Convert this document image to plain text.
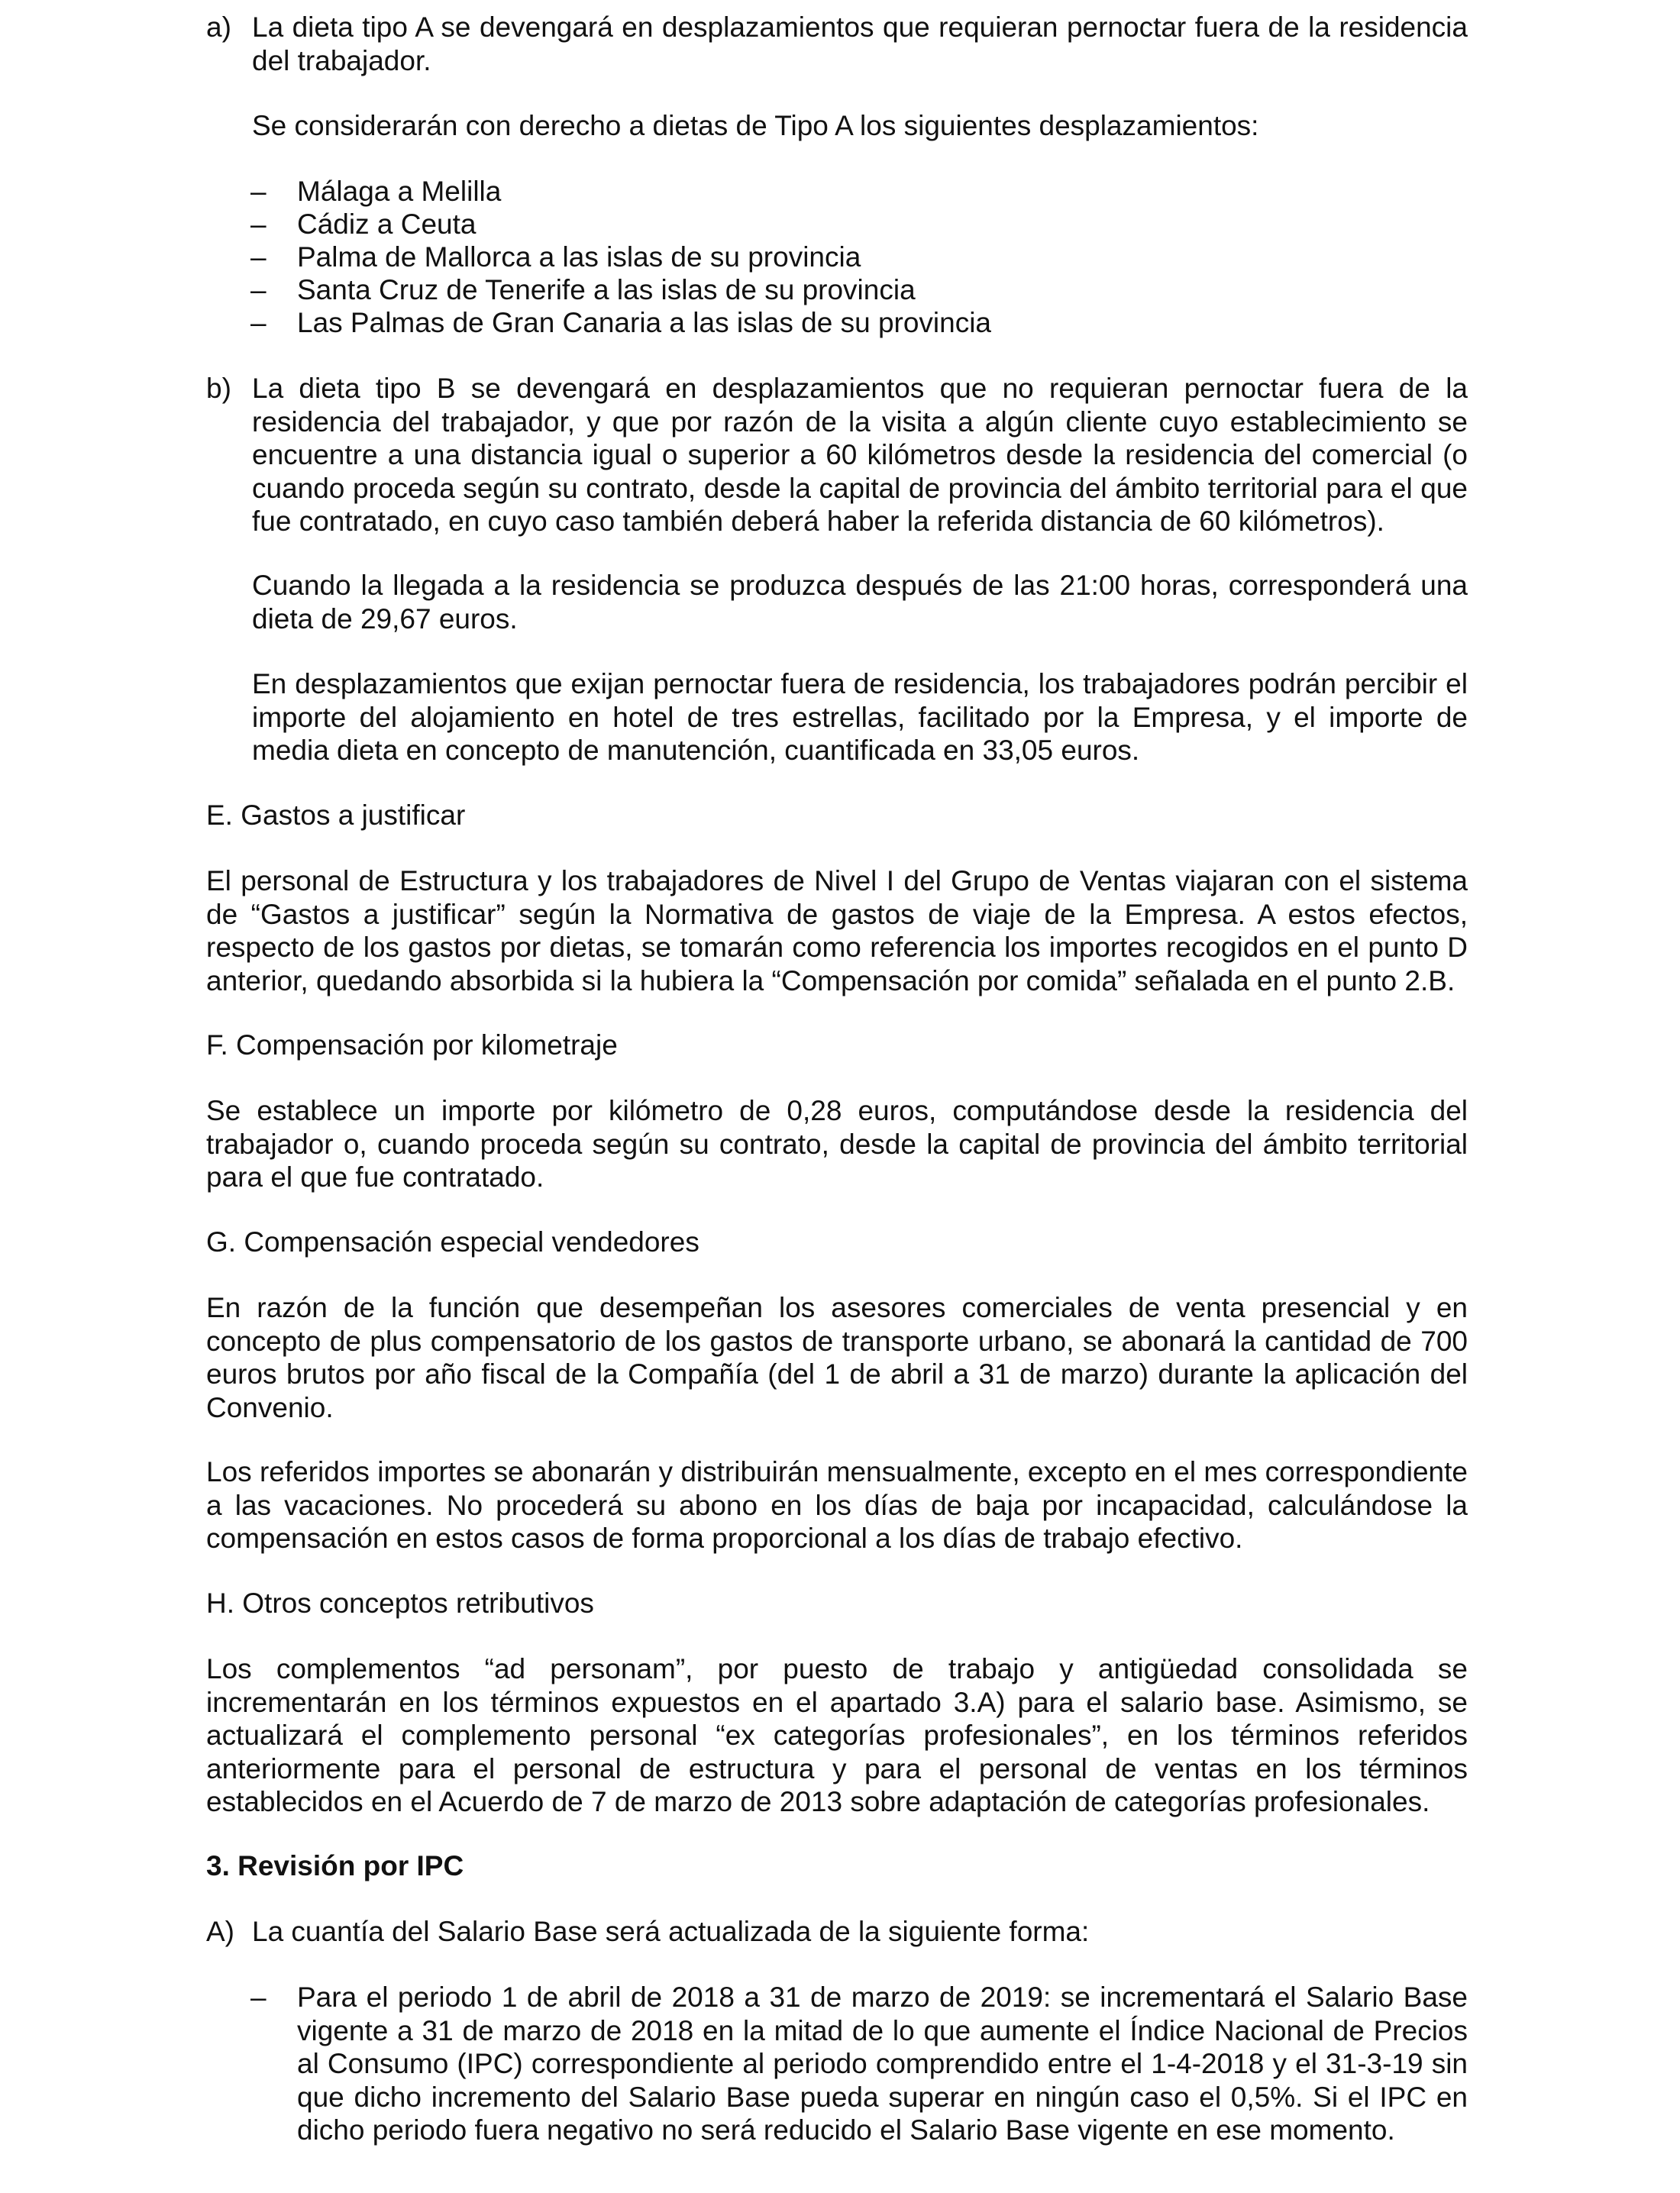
a) La dieta tipo A se devengará en desplazamientos que requieran pernoctar fuera de la residencia del trabajador.

Se considerarán con derecho a dietas de Tipo A los siguientes desplazamientos:

– Málaga a Melilla
– Cádiz a Ceuta
– Palma de Mallorca a las islas de su provincia
– Santa Cruz de Tenerife a las islas de su provincia
– Las Palmas de Gran Canaria a las islas de su provincia
b) La dieta tipo B se devengará en desplazamientos que no requieran pernoctar fuera de la residencia del trabajador, y que por razón de la visita a algún cliente cuyo establecimiento se encuentre a una distancia igual o superior a 60 kilómetros desde la residencia del comercial (o cuando proceda según su contrato, desde la capital de provincia del ámbito territorial para el que fue contratado, en cuyo caso también deberá haber la referida distancia de 60 kilómetros).

Cuando la llegada a la residencia se produzca después de las 21:00 horas, corresponderá una dieta de 29,67 euros.

En desplazamientos que exijan pernoctar fuera de residencia, los trabajadores podrán percibir el importe del alojamiento en hotel de tres estrellas, facilitado por la Empresa, y el importe de media dieta en concepto de manutención, cuantificada en 33,05 euros.

E. Gastos a justificar

El personal de Estructura y los trabajadores de Nivel I del Grupo de Ventas viajaran con el sistema de “Gastos a justificar” según la Normativa de gastos de viaje de la Empresa. A estos efectos, respecto de los gastos por dietas, se tomarán como referencia los importes recogidos en el punto D anterior, quedando absorbida si la hubiera la “Compensación por comida” señalada en el punto 2.B.

F. Compensación por kilometraje

Se establece un importe por kilómetro de 0,28 euros, computándose desde la residencia del trabajador o, cuando proceda según su contrato, desde la capital de provincia del ámbito territorial para el que fue contratado.

G. Compensación especial vendedores

En razón de la función que desempeñan los asesores comerciales de venta presencial y en concepto de plus compensatorio de los gastos de transporte urbano, se abonará la cantidad de 700 euros brutos por año fiscal de la Compañía (del 1 de abril a 31 de marzo) durante la aplicación del Convenio.

Los referidos importes se abonarán y distribuirán mensualmente, excepto en el mes correspondiente a las vacaciones. No procederá su abono en los días de baja por incapacidad, calculándose la compensación en estos casos de forma proporcional a los días de trabajo efectivo.

H. Otros conceptos retributivos

Los complementos “ad personam”, por puesto de trabajo y antigüedad consolidada se incrementarán en los términos expuestos en el apartado 3.A) para el salario base. Asimismo, se actualizará el complemento personal “ex categorías profesionales”, en los términos referidos anteriormente para el personal de estructura y para el personal de ventas en los términos establecidos en el Acuerdo de 7 de marzo de 2013 sobre adaptación de categorías profesionales.

3. Revisión por IPC
A) La cuantía del Salario Base será actualizada de la siguiente forma:

– Para el periodo 1 de abril de 2018 a 31 de marzo de 2019: se incrementará el Salario Base vigente a 31 de marzo de 2018 en la mitad de lo que aumente el Índice Nacional de Precios al Consumo (IPC) correspondiente al periodo comprendido entre el 1-4-2018 y el 31-3-19 sin que dicho incremento del Salario Base pueda superar en ningún caso el 0,5%. Si el IPC en dicho periodo fuera negativo no será reducido el Salario Base vigente en ese momento.
